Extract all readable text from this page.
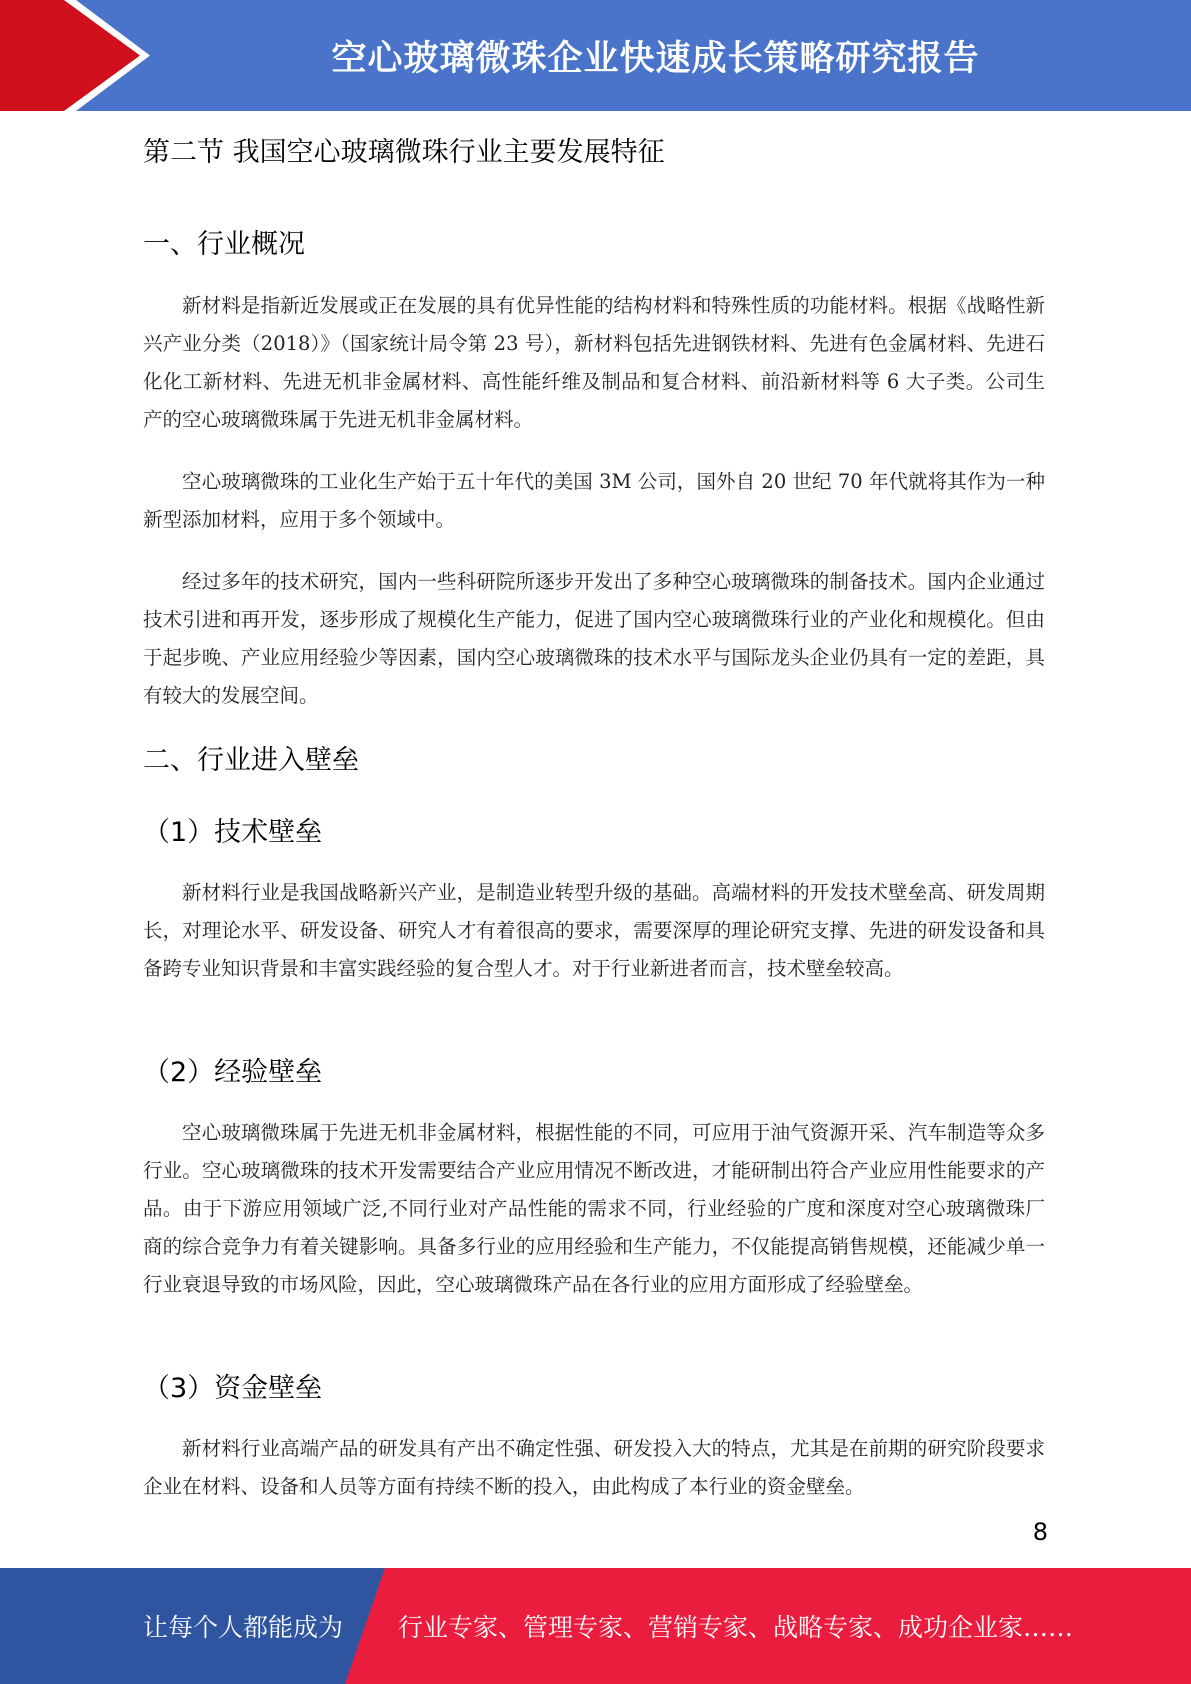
空心玻璃微珠企业快速成长策略研究报告
第二节 我国空心玻璃微珠行业主要发展特征
一、行业概况

新材料是指新近发展或正在发展的具有优异性能的结构材料和特殊性质的功能材料。根据《战略性新兴产业分类（2018）》（国家统计局令第 23 号），新材料包括先进钢铁材料、先进有色金属材料、先进石化化工新材料、先进无机非金属材料、高性能纤维及制品和复合材料、前沿新材料等 6 大子类。公司生产的空心玻璃微珠属于先进无机非金属材料。

空心玻璃微珠的工业化生产始于五十年代的美国 3M 公司，国外自 20 世纪 70 年代就将其作为一种新型添加材料，应用于多个领域中。

经过多年的技术研究，国内一些科研院所逐步开发出了多种空心玻璃微珠的制备技术。国内企业通过技术引进和再开发，逐步形成了规模化生产能力，促进了国内空心玻璃微珠行业的产业化和规模化。但由于起步晚、产业应用经验少等因素，国内空心玻璃微珠的技术水平与国际龙头企业仍具有一定的差距，具有较大的发展空间。

二、行业进入壁垒
（1）技术壁垒

新材料行业是我国战略新兴产业，是制造业转型升级的基础。高端材料的开发技术壁垒高、研发周期长，对理论水平、研发设备、研究人才有着很高的要求，需要深厚的理论研究支撑、先进的研发设备和具备跨专业知识背景和丰富实践经验的复合型人才。对于行业新进者而言，技术壁垒较高。

（2）经验壁垒

空心玻璃微珠属于先进无机非金属材料，根据性能的不同，可应用于油气资源开采、汽车制造等众多行业。空心玻璃微珠的技术开发需要结合产业应用情况不断改进，才能研制出符合产业应用性能要求的产品。由于下游应用领域广泛,不同行业对产品性能的需求不同，行业经验的广度和深度对空心玻璃微珠厂商的综合竞争力有着关键影响。具备多行业的应用经验和生产能力，不仅能提高销售规模，还能减少单一行业衰退导致的市场风险，因此，空心玻璃微珠产品在各行业的应用方面形成了经验壁垒。

（3）资金壁垒

新材料行业高端产品的研发具有产出不确定性强、研发投入大的特点，尤其是在前期的研究阶段要求企业在材料、设备和人员等方面有持续不断的投入，由此构成了本行业的资金壁垒。

8
让每个人都能成为 行业专家、管理专家、营销专家、战略专家、成功企业家……
